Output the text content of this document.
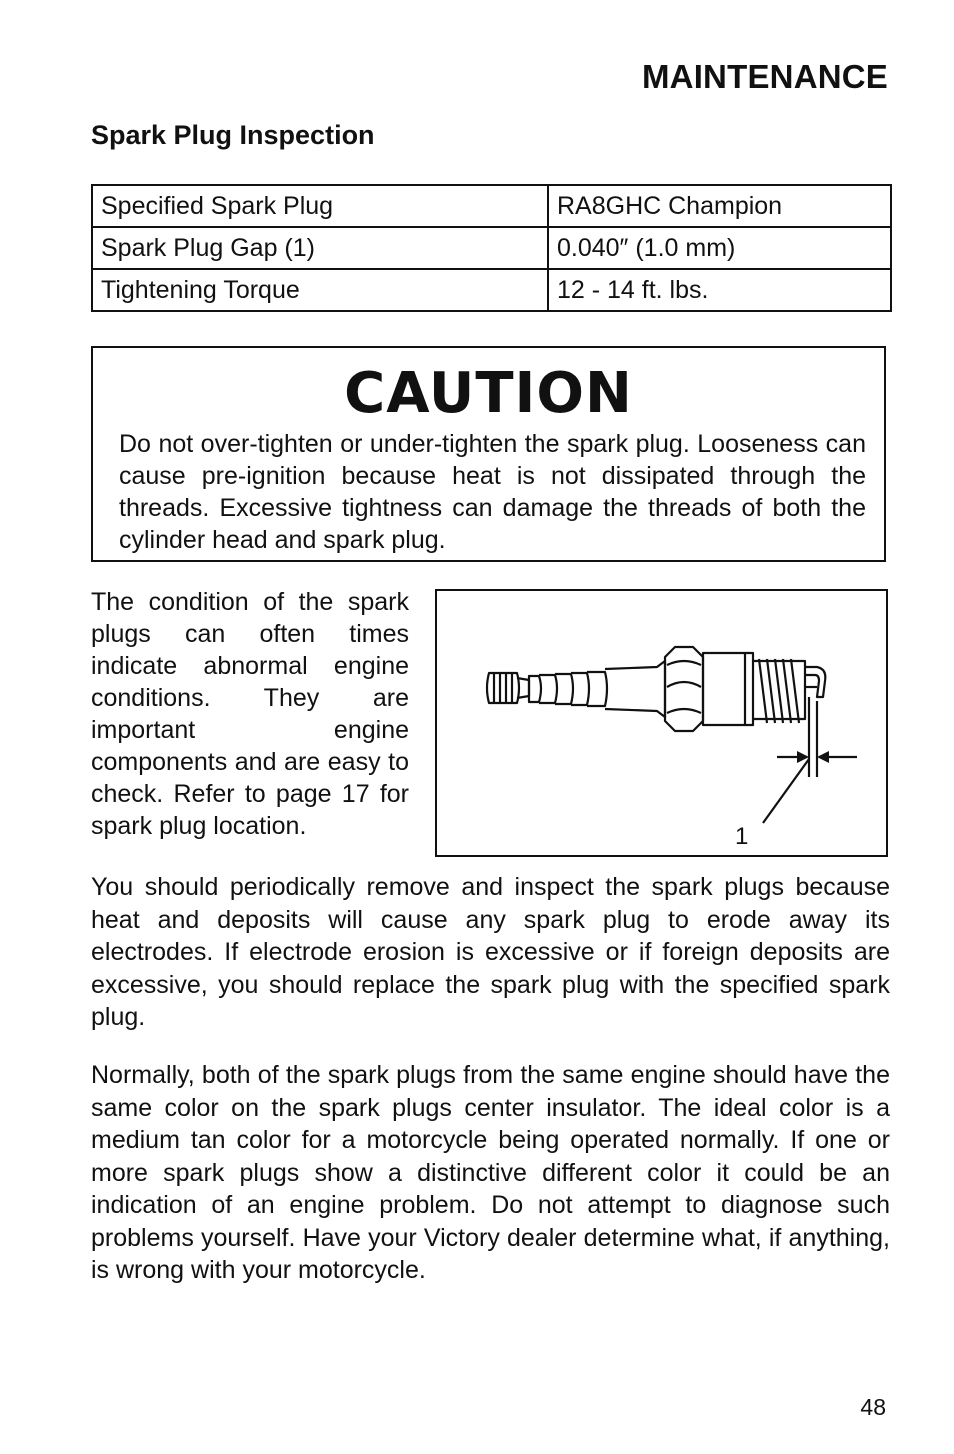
MAINTENANCE
Spark Plug Inspection
Specified Spark Plug	RA8GHC Champion
Spark Plug Gap (1)	0.040″ (1.0 mm)
Tightening Torque	12 - 14 ft. lbs.
CAUTION
Do not over-tighten or under-tighten the spark plug. Looseness can cause pre-ignition because heat is not dissipated through the threads. Excessive tightness can damage the threads of both the cylinder head and spark plug.
The condition of the spark plugs can often times indicate abnormal engine conditions. They are important engine components and are easy to check. Refer to page 17 for spark plug location.	1
You should periodically remove and inspect the spark plugs because heat and deposits will cause any spark plug to erode away its electrodes. If electrode erosion is excessive or if foreign deposits are excessive, you should replace the spark plug with the specified spark plug.
Normally, both of the spark plugs from the same engine should have the same color on the spark plugs center insulator. The ideal color is a medium tan color for a motorcycle being operated normally. If one or more spark plugs show a distinctive different color it could be an indication of an engine problem. Do not attempt to diagnose such problems yourself. Have your Victory dealer determine what, if anything, is wrong with your motorcycle.
48
